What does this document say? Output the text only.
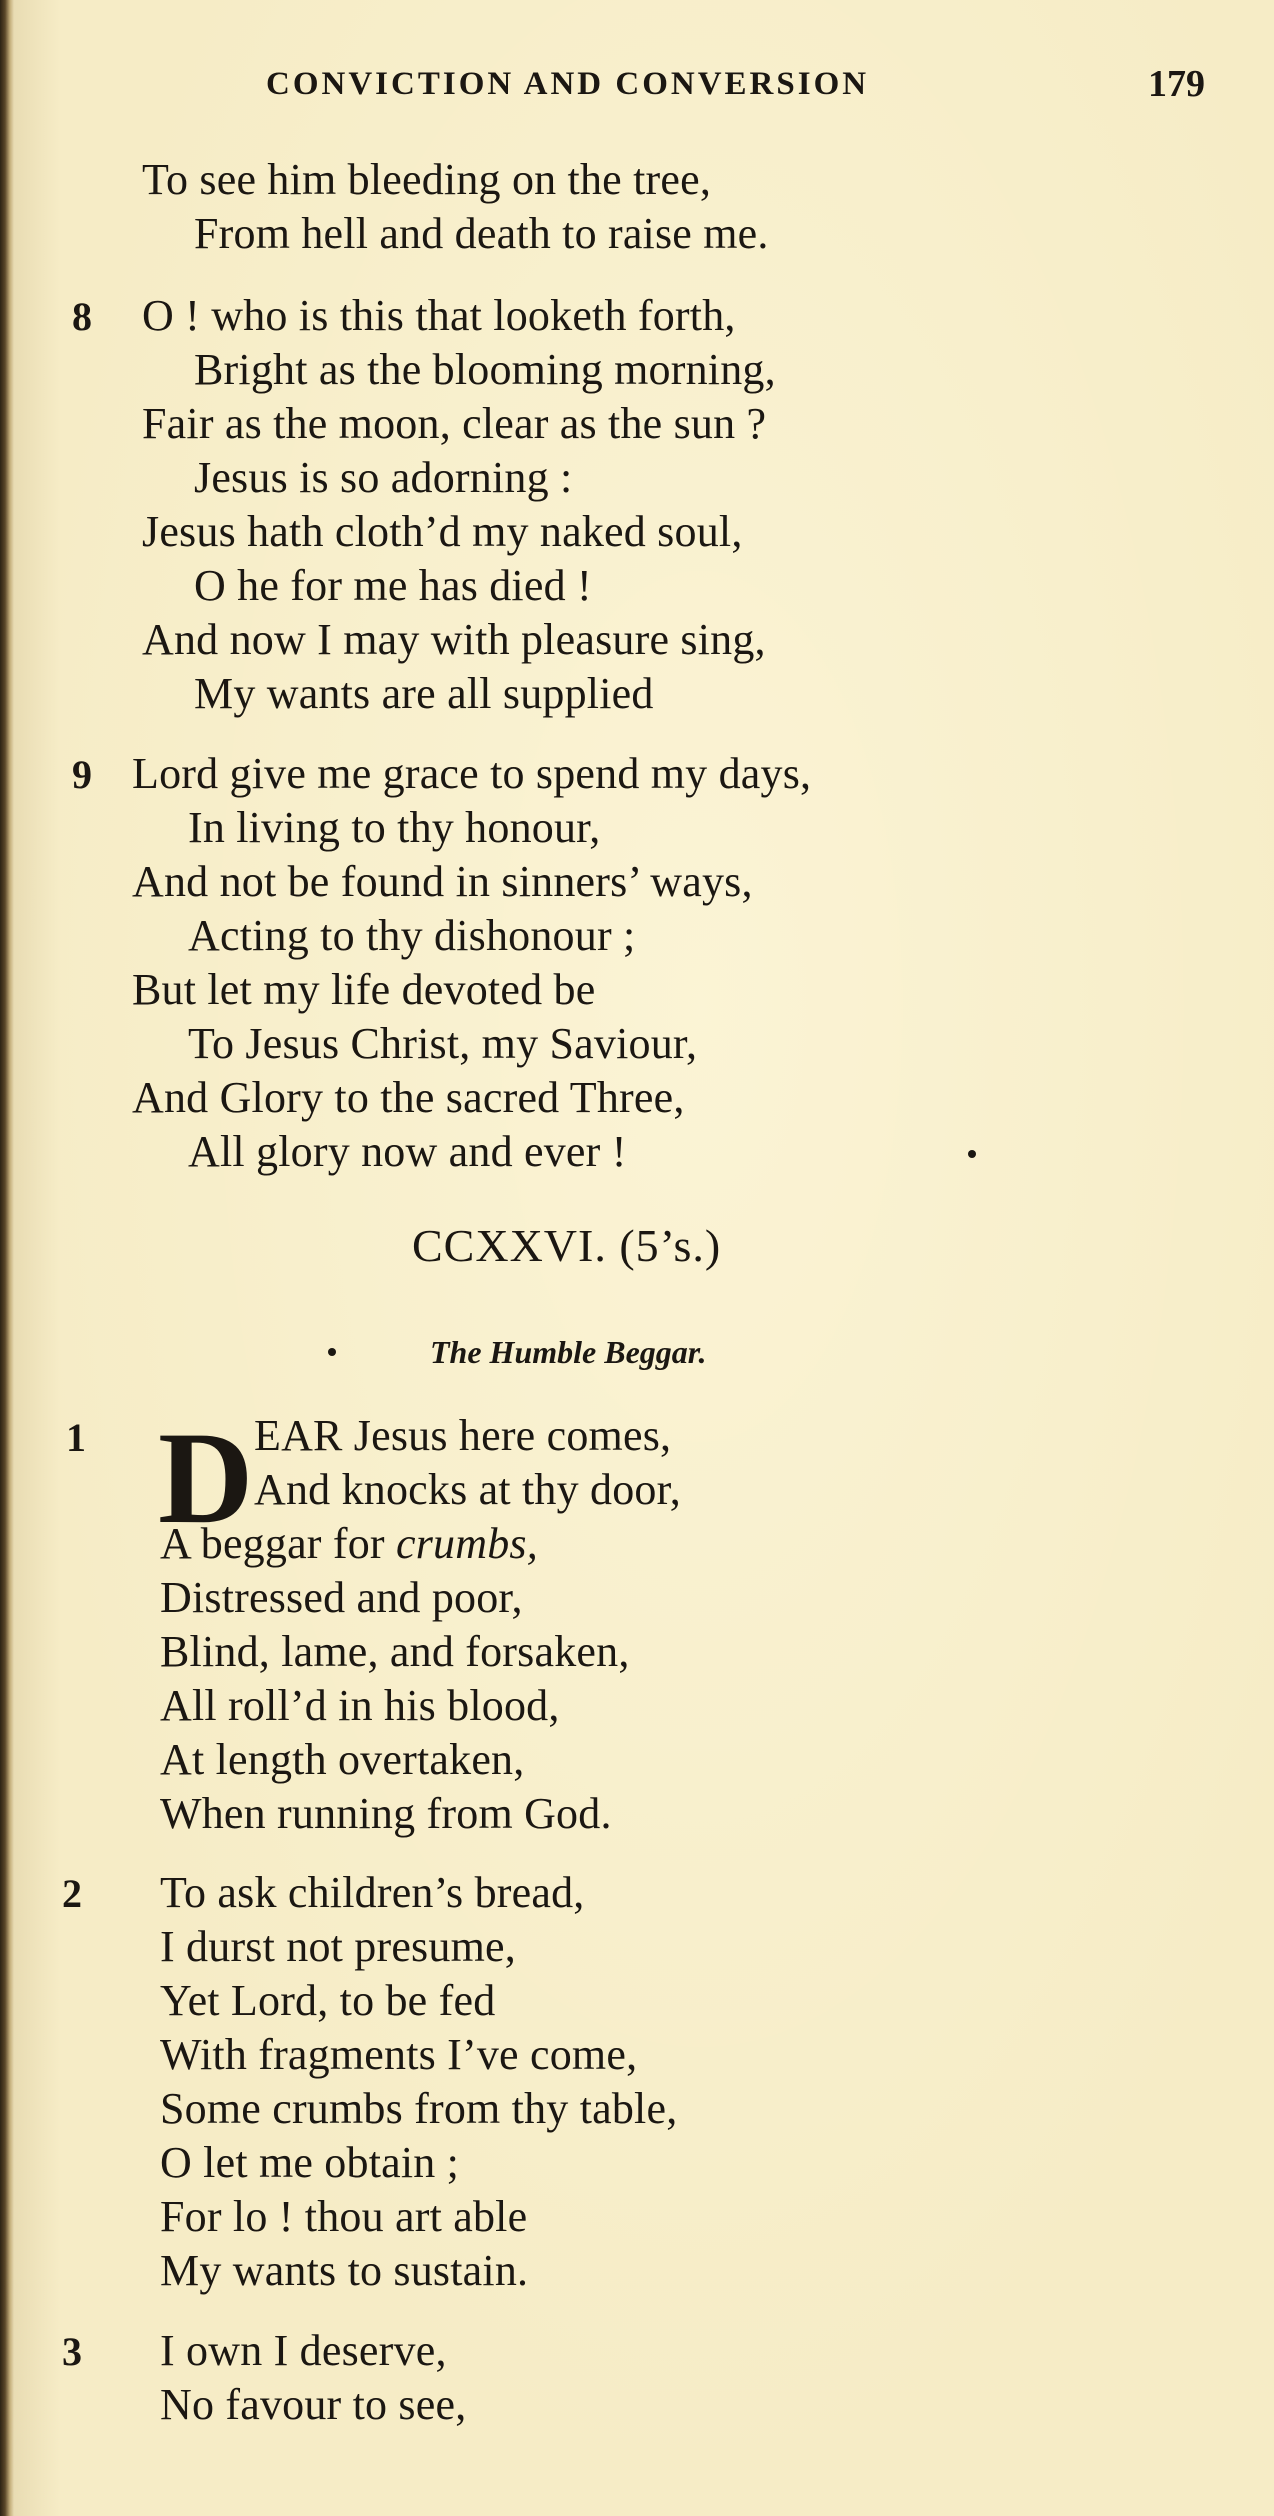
CONVICTION AND CONVERSION	179
To see him bleeding on the tree,
From hell and death to raise me.
8 O ! who is this that looketh forth,
Bright as the blooming morning,
Fair as the moon, clear as the sun ?
Jesus is so adorning :
Jesus hath cloth’d my naked soul,
O he for me has died !
And now I may with pleasure sing,
My wants are all supplied
9 Lord give me grace to spend my days,
In living to thy honour,
And not be found in sinners’ ways,
Acting to thy dishonour ;
But let my life devoted be
To Jesus Christ, my Saviour,
And Glory to the sacred Three,
All glory now and ever !
CCXXVI. (5’s.)
The Humble Beggar.
1 D EAR Jesus here comes,
And knocks at thy door,
A beggar for crumbs,
Distressed and poor,
Blind, lame, and forsaken,
All roll’d in his blood,
At length overtaken,
When running from God.
2 To ask children’s bread,
I durst not presume,
Yet Lord, to be fed
With fragments I’ve come,
Some crumbs from thy table,
O let me obtain ;
For lo ! thou art able
My wants to sustain.
3 I own I deserve,
No favour to see,
